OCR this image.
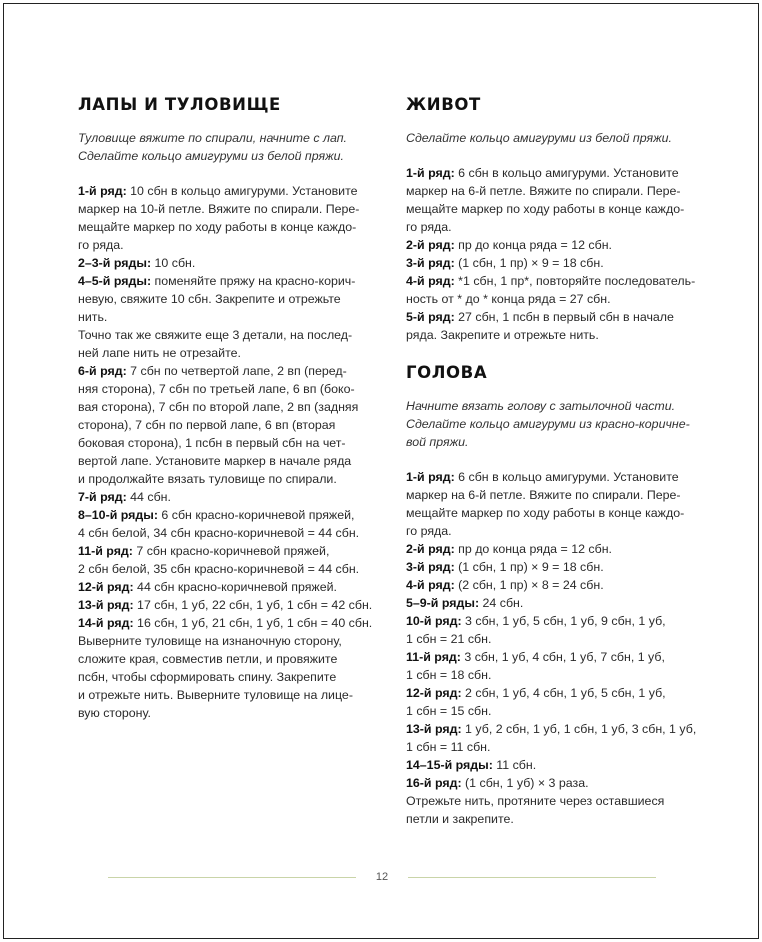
ЛАПЫ И ТУЛОВИЩЕ
Туловище вяжите по спирали, начните с лап.
Сделайте кольцо амигуруми из белой пряжи.

1-й ряд: 10 сбн в кольцо амигуруми. Установите
маркер на 10-й петле. Вяжите по спирали. Пере-
мещайте маркер по ходу работы в конце каждо-
го ряда.

2–3-й ряды: 10 сбн.

4–5-й ряды: поменяйте пряжу на красно-корич-
невую, свяжите 10 сбн. Закрепите и отрежьте
нить.

Точно так же свяжите еще 3 детали, на послед-
ней лапе нить не отрезайте.

6-й ряд: 7 сбн по четвертой лапе, 2 вп (перед-
няя сторона), 7 сбн по третьей лапе, 6 вп (боко-
вая сторона), 7 сбн по второй лапе, 2 вп (задняя
сторона), 7 сбн по первой лапе, 6 вп (вторая
боковая сторона), 1 псбн в первый сбн на чет-
вертой лапе. Установите маркер в начале ряда
и продолжайте вязать туловище по спирали.

7-й ряд: 44 сбн.

8–10-й ряды: 6 сбн красно-коричневой пряжей,
4 сбн белой, 34 сбн красно-коричневой = 44 сбн.

11-й ряд: 7 сбн красно-коричневой пряжей,
2 сбн белой, 35 сбн красно-коричневой = 44 сбн.

12-й ряд: 44 сбн красно-коричневой пряжей.

13-й ряд: 17 сбн, 1 уб, 22 сбн, 1 уб, 1 сбн = 42 сбн.

14-й ряд: 16 сбн, 1 уб, 21 сбн, 1 уб, 1 сбн = 40 сбн.

Выверните туловище на изнаночную сторону,
сложите края, совместив петли, и провяжите
псбн, чтобы сформировать спину. Закрепите
и отрежьте нить. Выверните туловище на лице-
вую сторону.

ЖИВОТ
Сделайте кольцо амигуруми из белой пряжи.

1-й ряд: 6 сбн в кольцо амигуруми. Установите
маркер на 6-й петле. Вяжите по спирали. Пере-
мещайте маркер по ходу работы в конце каждо-
го ряда.

2-й ряд: пр до конца ряда = 12 сбн.

3-й ряд: (1 сбн, 1 пр) × 9 = 18 сбн.

4-й ряд: *1 сбн, 1 пр*, повторяйте последователь-
ность от * до * конца ряда = 27 сбн.

5-й ряд: 27 сбн, 1 псбн в первый сбн в начале
ряда. Закрепите и отрежьте нить.

ГОЛОВА
Начните вязать голову с затылочной части.
Сделайте кольцо амигуруми из красно-коричне-
вой пряжи.

1-й ряд: 6 сбн в кольцо амигуруми. Установите
маркер на 6-й петле. Вяжите по спирали. Пере-
мещайте маркер по ходу работы в конце каждо-
го ряда.

2-й ряд: пр до конца ряда = 12 сбн.

3-й ряд: (1 сбн, 1 пр) × 9 = 18 сбн.

4-й ряд: (2 сбн, 1 пр) × 8 = 24 сбн.

5–9-й ряды: 24 сбн.

10-й ряд: 3 сбн, 1 уб, 5 сбн, 1 уб, 9 сбн, 1 уб,
1 сбн = 21 сбн.

11-й ряд: 3 сбн, 1 уб, 4 сбн, 1 уб, 7 сбн, 1 уб,
1 сбн = 18 сбн.

12-й ряд: 2 сбн, 1 уб, 4 сбн, 1 уб, 5 сбн, 1 уб,
1 сбн = 15 сбн.

13-й ряд: 1 уб, 2 сбн, 1 уб, 1 сбн, 1 уб, 3 сбн, 1 уб,
1 сбн = 11 сбн.

14–15-й ряды: 11 сбн.

16-й ряд: (1 сбн, 1 уб) × 3 раза.

Отрежьте нить, протяните через оставшиеся
петли и закрепите.

12
